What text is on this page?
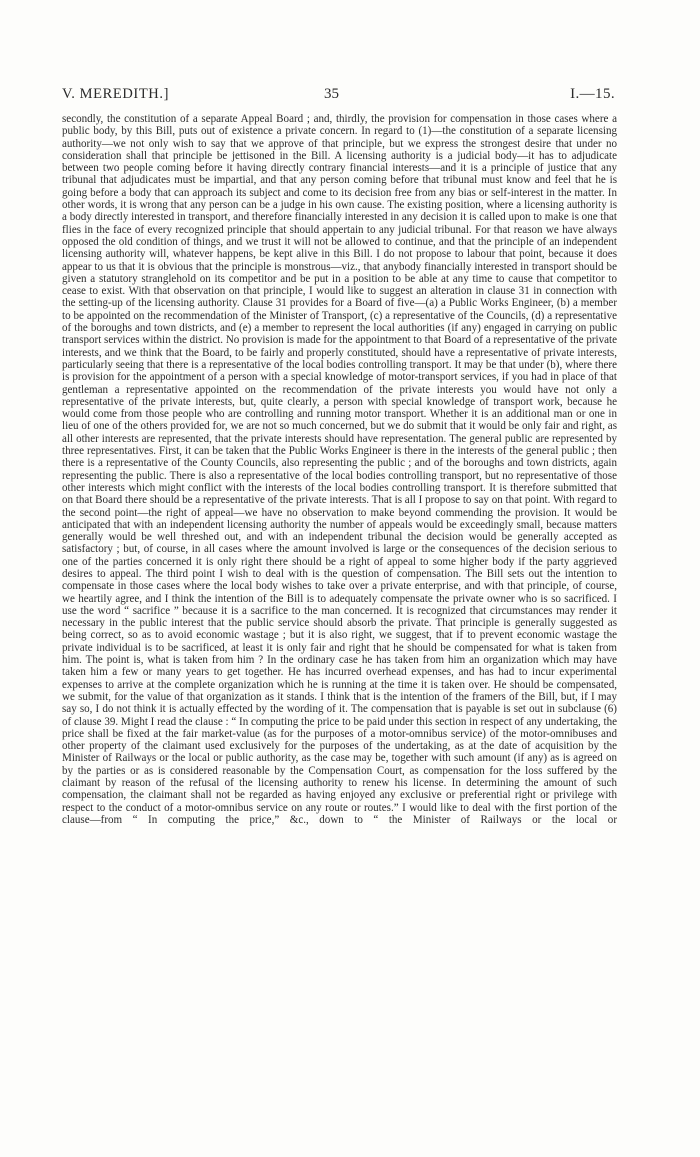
V. MEREDITH.]	35	I.—15.

secondly, the constitution of a separate Appeal Board ; and, thirdly, the provision for compensation in those cases where a public body, by this Bill, puts out of existence a private concern. In regard to (1)—the constitution of a separate licensing authority—we not only wish to say that we approve of that principle, but we express the strongest desire that under no consideration shall that principle be jettisoned in the Bill. A licensing authority is a judicial body—it has to adjudicate between two people coming before it having directly contrary financial interests—and it is a principle of justice that any tribunal that adjudicates must be impartial, and that any person coming before that tribunal must know and feel that he is going before a body that can approach its subject and come to its decision free from any bias or self-interest in the matter. In other words, it is wrong that any person can be a judge in his own cause. The existing position, where a licensing authority is a body directly interested in transport, and therefore financially interested in any decision it is called upon to make is one that flies in the face of every recognized principle that should appertain to any judicial tribunal. For that reason we have always opposed the old condition of things, and we trust it will not be allowed to continue, and that the principle of an independent licensing authority will, whatever happens, be kept alive in this Bill. I do not propose to labour that point, because it does appear to us that it is obvious that the principle is monstrous—viz., that anybody financially interested in transport should be given a statutory stranglehold on its competitor and be put in a position to be able at any time to cause that competitor to cease to exist. With that observation on that principle, I would like to suggest an alteration in clause 31 in connection with the setting-up of the licensing authority. Clause 31 provides for a Board of five—(a) a Public Works Engineer, (b) a member to be appointed on the recommendation of the Minister of Transport, (c) a representative of the Councils, (d) a representative of the boroughs and town districts, and (e) a member to represent the local authorities (if any) engaged in carrying on public transport services within the district. No provision is made for the appointment to that Board of a representative of the private interests, and we think that the Board, to be fairly and properly constituted, should have a representative of private interests, particularly seeing that there is a representative of the local bodies controlling transport. It may be that under (b), where there is provision for the appointment of a person with a special knowledge of motor-transport services, if you had in place of that gentleman a representative appointed on the recommendation of the private interests you would have not only a representative of the private interests, but, quite clearly, a person with special knowledge of transport work, because he would come from those people who are controlling and running motor transport. Whether it is an additional man or one in lieu of one of the others provided for, we are not so much concerned, but we do submit that it would be only fair and right, as all other interests are represented, that the private interests should have representation. The general public are represented by three representatives. First, it can be taken that the Public Works Engineer is there in the interests of the general public ; then there is a representative of the County Councils, also representing the public ; and of the boroughs and town districts, again representing the public. There is also a representative of the local bodies controlling transport, but no representative of those other interests which might conflict with the interests of the local bodies controlling transport. It is therefore submitted that on that Board there should be a representative of the private interests. That is all I propose to say on that point. With regard to the second point—the right of appeal—we have no observation to make beyond commending the provision. It would be anticipated that with an independent licensing authority the number of appeals would be exceedingly small, because matters generally would be well threshed out, and with an independent tribunal the decision would be generally accepted as satisfactory ; but, of course, in all cases where the amount involved is large or the consequences of the decision serious to one of the parties concerned it is only right there should be a right of appeal to some higher body if the party aggrieved desires to appeal. The third point I wish to deal with is the question of compensation. The Bill sets out the intention to compensate in those cases where the local body wishes to take over a private enterprise, and with that principle, of course, we heartily agree, and I think the intention of the Bill is to adequately compensate the private owner who is so sacrificed. I use the word “ sacrifice ” because it is a sacrifice to the man concerned. It is recognized that circumstances may render it necessary in the public interest that the public service should absorb the private. That principle is generally suggested as being correct, so as to avoid economic wastage ; but it is also right, we suggest, that if to prevent economic wastage the private individual is to be sacrificed, at least it is only fair and right that he should be compensated for what is taken from him. The point is, what is taken from him ? In the ordinary case he has taken from him an organization which may have taken him a few or many years to get together. He has incurred overhead expenses, and has had to incur experimental expenses to arrive at the complete organization which he is running at the time it is taken over. He should be compensated, we submit, for the value of that organization as it stands. I think that is the intention of the framers of the Bill, but, if I may say so, I do not think it is actually effected by the wording of it. The compensation that is payable is set out in subclause (6) of clause 39. Might I read the clause : “ In computing the price to be paid under this section in respect of any undertaking, the price shall be fixed at the fair market-value (as for the purposes of a motor-omnibus service) of the motor-omnibuses and other property of the claimant used exclusively for the purposes of the undertaking, as at the date of acquisition by the Minister of Railways or the local or public authority, as the case may be, together with such amount (if any) as is agreed on by the parties or as is considered reasonable by the Compensation Court, as compensation for the loss suffered by the claimant by reason of the refusal of the licensing authority to renew his license. In determining the amount of such compensation, the claimant shall not be regarded as having enjoyed any exclusive or preferential right or privilege with respect to the conduct of a motor-omnibus service on any route or routes.” I would like to deal with the first portion of the clause—from “ In computing the price,” &c., down to “ the Minister of Railways or the local or
